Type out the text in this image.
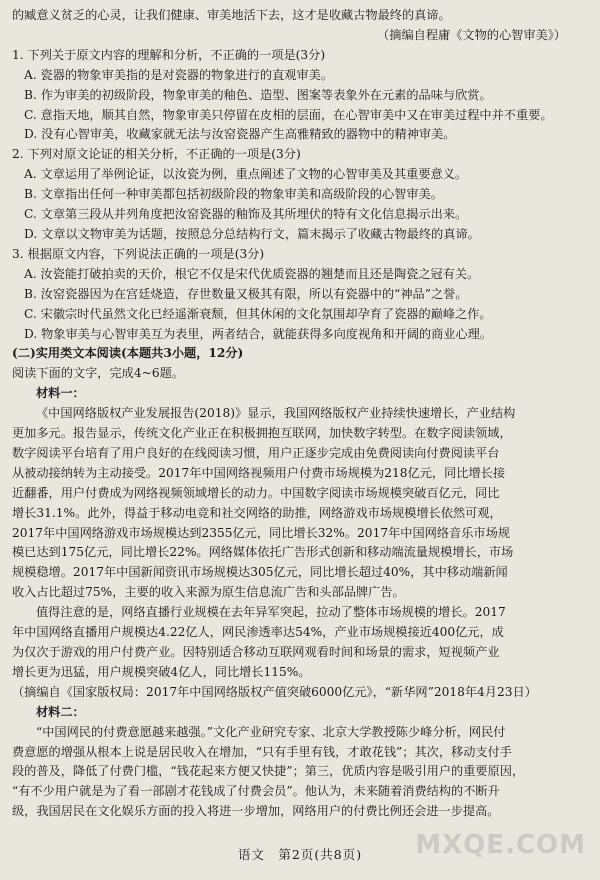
的臧意义贫乏的心灵，让我们健康、审美地活下去，这才是收藏古物最终的真谛。

（摘编自程庸《文物的心智审美》）

1. 下列关于原文内容的理解和分析，不正确的一项是(3分)

A. 瓷器的物象审美指的是对瓷器的物象进行的直观审美。

B. 作为审美的初级阶段，物象审美的釉色、造型、图案等表象外在元素的品味与欣赏。

C. 意指天地，顺其自然，物象审美只停留在皮相的层面，在心智审美中又在审美过程中并不重要。

D. 没有心智审美，收藏家就无法与汝窑瓷器产生高雅精致的器物中的精神审美。

2. 下列对原文论证的相关分析，不正确的一项是(3分)

A. 文章运用了举例论证，以汝瓷为例，重点阐述了文物的心智审美及其重要意义。

B. 文章指出任何一种审美都包括初级阶段的物象审美和高级阶段的心智审美。

C. 文章第三段从并列角度把汝窑瓷器的釉饰及其所埋伏的特有文化信息揭示出来。

D. 文章以文物审美为话题，按照总分总结构行文，篇末揭示了收藏古物最终的真谛。

3. 根据原文内容，下列说法正确的一项是(3分)

A. 汝瓷能打破拍卖的天价，根它不仅是宋代优质瓷器的翘楚而且还是陶瓷之冠有关。

B. 汝窑瓷器因为在宫廷烧造，存世数量又极其有限，所以有瓷器中的“神品”之誉。

C. 宋徽宗时代虽然文化已经遥渐衰颓，但其休闲的文化氛围却孕育了瓷器的巅峰之作。

D. 物象审美与心智审美互为表里，两者结合，就能获得多向度视角和开阔的商业心理。

(二)实用类文本阅读(本题共3小题，12分)

阅读下面的文字，完成4~6题。

材料一：

《中国网络版权产业发展报告(2018)》显示，我国网络版权产业持续快速增长，产业结构

更加多元。报告显示，传统文化产业正在积极拥抱互联网，加快数字转型。在数字阅读领域，

数字阅读平台培育了用户良好的在线阅读习惯，用户正逐步完成由免费阅读向付费阅读平台

从被动接纳转为主动接受。2017年中国网络视频用户付费市场规模为218亿元，同比增长接

近翻番，用户付费成为网络视频领域增长的动力。中国数字阅读市场规模突破百亿元，同比

增长31.1%。此外，得益于移动电竞和社交网络的助推，网络游戏市场规模增长依然可观，

2017年中国网络游戏市场规模达到2355亿元，同比增长32%。2017年中国网络音乐市场规

模已达到175亿元，同比增长22%。网络媒体依托广告形式创新和移动端流量规模增长，市场

规模稳增。2017年中国新闻资讯市场规模达305亿元，同比增长超过40%，其中移动端新闻

收入占比超过75%，主要的收入来源为原生信息流广告和头部品牌广告。

值得注意的是，网络直播行业规模在去年异军突起，拉动了整体市场规模的增长。2017

年中国网络直播用户规模达4.22亿人，网民渗透率达54%，产业市场规模接近400亿元，成

为仅次于游戏的用户付费产业。因特别适合移动互联网观看时间和场景的需求，短视频产业

增长更为迅猛，用户规模突破4亿人，同比增长115%。

（摘编自《国家版权局：2017年中国网络版权产值突破6000亿元》，“新华网”2018年4月23日）

材料二：

“中国网民的付费意愿越来越强。”文化产业研究专家、北京大学教授陈少峰分析，网民付

费意愿的增强从根本上说是居民收入在增加，“只有手里有钱，才敢花钱”；其次，移动支付手

段的普及，降低了付费门槛，“钱花起来方便又快捷”；第三，优质内容是吸引用户的重要原因，

“有不少用户就是为了看一部剧才花钱成了付费会员”。他认为，未来随着消费结构的不断升

级，我国居民在文化娱乐方面的投入将进一步增加，网络用户的付费比例还会进一步提高。

语文　第2页(共8页)	MXQE.COM
